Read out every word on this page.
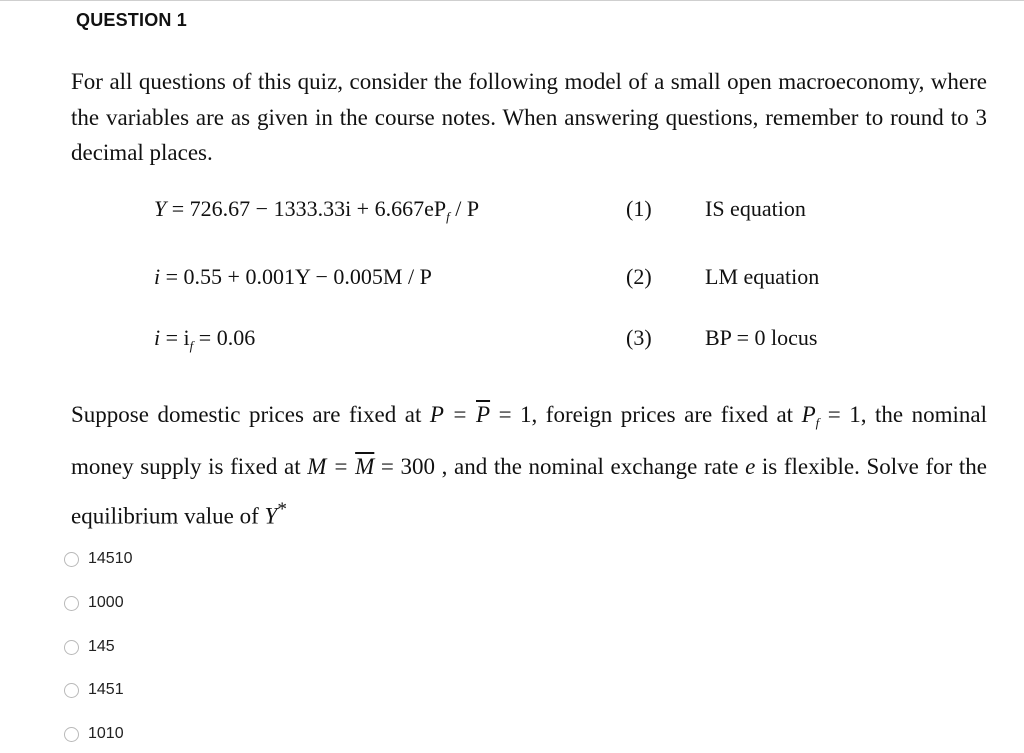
QUESTION 1
For all questions of this quiz, consider the following model of a small open macroeconomy, where the variables are as given in the course notes. When answering questions, remember to round to 3 decimal places.
$Y = 726.67 - 1333.33i + 6.667eP_f / P$	(1) IS equation
i = 0.55 + 0.001Y − 0.005M / P	(2) LM equation
$i = i_f = 0.06$	(3) BP = 0 locus
Suppose domestic prices are fixed at $P = \overline{P} = 1$, foreign prices are fixed at $P_f = 1$, the nominal money supply is fixed at $M = \overline{M} = 300$ , and the nominal exchange rate e is flexible. Solve for the equilibrium value of Y*
14510
1000
145
1451
1010
